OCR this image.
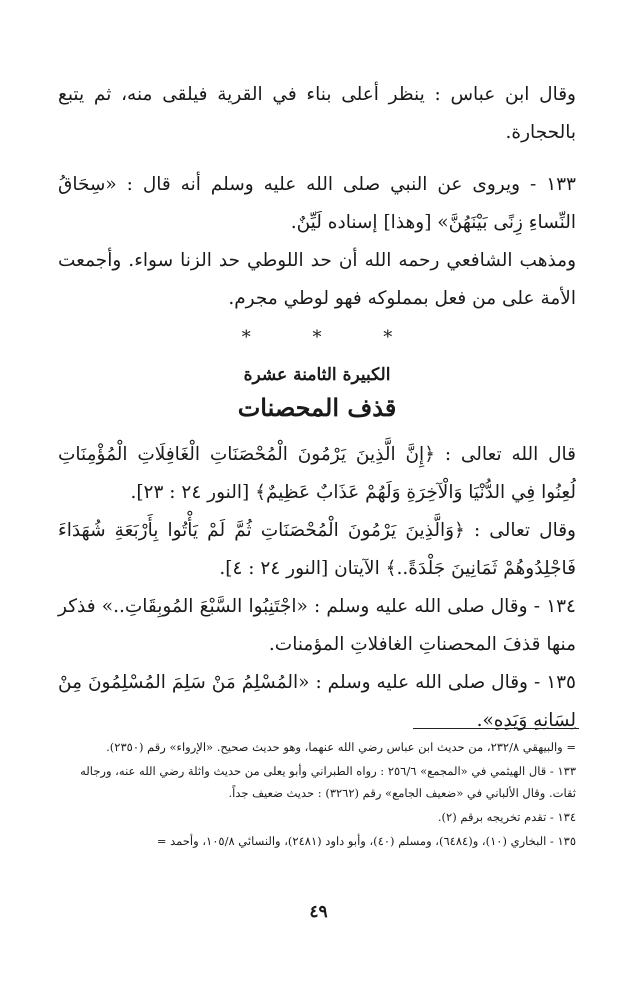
وقال ابن عباس : ينظر أعلى بناء في القرية فيلقى منه، ثم يتبع بالحجارة.

١٣٣ - ويروى عن النبي صلى الله عليه وسلم أنه قال : «سِحَاقُ النِّساءِ زِنًى بَيْنَهُنَّ» [وهذا] إسناده لَيِّنٌ.

ومذهب الشافعي رحمه الله أن حد اللوطي حد الزنا سواء. وأجمعت الأمة على من فعل بمملوكه فهو لوطي مجرم.

* * *
الكبيرة الثامنة عشرة
قذف المحصنات

قال الله تعالى : ﴿إِنَّ الَّذِينَ يَرْمُونَ الْمُحْصَنَاتِ الْغَافِلَاتِ الْمُؤْمِنَاتِ لُعِنُوا فِي الدُّنْيَا وَالْآخِرَةِ وَلَهُمْ عَذَابٌ عَظِيمٌ﴾ [النور ٢٤ : ٢٣].

وقال تعالى : ﴿وَالَّذِينَ يَرْمُونَ الْمُحْصَنَاتِ ثُمَّ لَمْ يَأْتُوا بِأَرْبَعَةِ شُهَدَاءَ فَاجْلِدُوهُمْ ثَمَانِينَ جَلْدَةً..﴾ الآيتان [النور ٢٤ : ٤].

١٣٤ - وقال صلى الله عليه وسلم : «اجْتَنِبُوا السَّبْعَ المُوبِقَاتِ..» فذكر منها قذفَ المحصناتِ الغافلاتِ المؤمنات.

١٣٥ - وقال صلى الله عليه وسلم : «المُسْلِمُ مَنْ سَلِمَ المُسْلِمُونَ مِنْ لِسَانِهِ وَيَدِهِ».

= والبيهقي ٢٣٢/٨، من حديث ابن عباس رضي الله عنهما، وهو حديث صحيح. «الإرواء» رقم (٢٣٥٠).

١٣٣ - قال الهيثمي في «المجمع» ٢٥٦/٦ : رواه الطبراني وأبو يعلى من حديث واثلة رضي الله عنه، ورجاله ثقات. وقال الألباني في «ضعيف الجامع» رقم (٣٢٦٢) : حديث ضعيف جداً.

١٣٤ - تقدم تخريجه برقم (٢).

١٣٥ - البخاري (١٠)، و(٦٤٨٤)، ومسلم (٤٠)، وأبو داود (٢٤٨١)، والنسائي ١٠٥/٨، وأحمد =

٤٩
